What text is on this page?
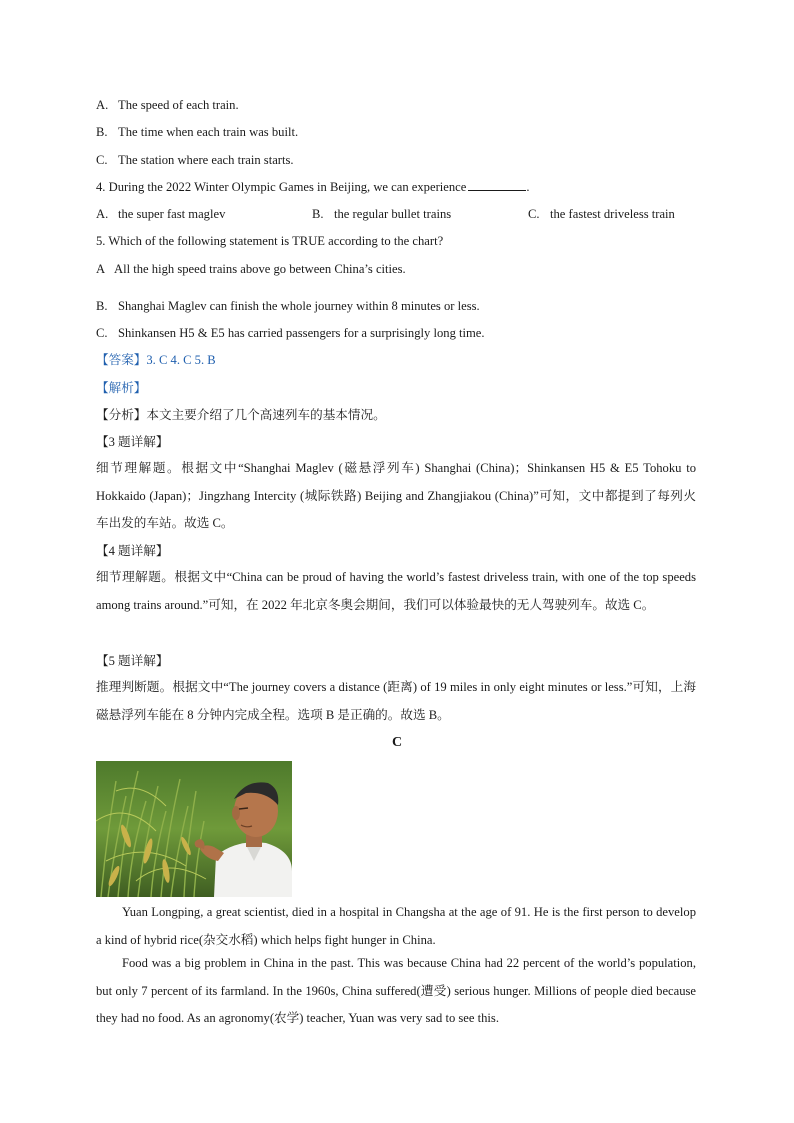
A. The speed of each train.
B. The time when each train was built.
C. The station where each train starts.
4. During the 2022 Winter Olympic Games in Beijing, we can experience	.
A. the super fast maglev	B. the regular bullet trains	C. the fastest driveless train
5. Which of the following statement is TRUE according to the chart?
A All the high speed trains above go between China’s cities.
B. Shanghai Maglev can finish the whole journey within 8 minutes or less.
C. Shinkansen H5 & E5 has carried passengers for a surprisingly long time.
【答案】3. C 4. C 5. B
【解析】
【分析】本文主要介绍了几个高速列车的基本情况。
【3 题详解】
细节理解题。根据文中“Shanghai Maglev (磁悬浮列车) Shanghai (China)；Shinkansen H5 & E5 Tohoku to Hokkaido (Japan)；Jingzhang Intercity (城际铁路) Beijing and Zhangjiakou (China)”可知，文中都提到了每列火车出发的车站。故选 C。
【4 题详解】
细节理解题。根据文中“China can be proud of having the world’s fastest driveless train, with one of the top speeds among trains around.”可知，在 2022 年北京冬奥会期间，我们可以体验最快的无人驾驶列车。故选 C。
【5 题详解】
推理判断题。根据文中“The journey covers a distance (距离) of 19 miles in only eight minutes or less.”可知，上海磁悬浮列车能在 8 分钟内完成全程。选项 B 是正确的。故选 B。
C
Yuan Longping, a great scientist, died in a hospital in Changsha at the age of 91. He is the first person to develop a kind of hybrid rice(杂交水稻) which helps fight hunger in China.
Food was a big problem in China in the past. This was because China had 22 percent of the world’s population, but only 7 percent of its farmland. In the 1960s, China suffered(遭受) serious hunger. Millions of people died because they had no food. As an agronomy(农学) teacher, Yuan was very sad to see this.
